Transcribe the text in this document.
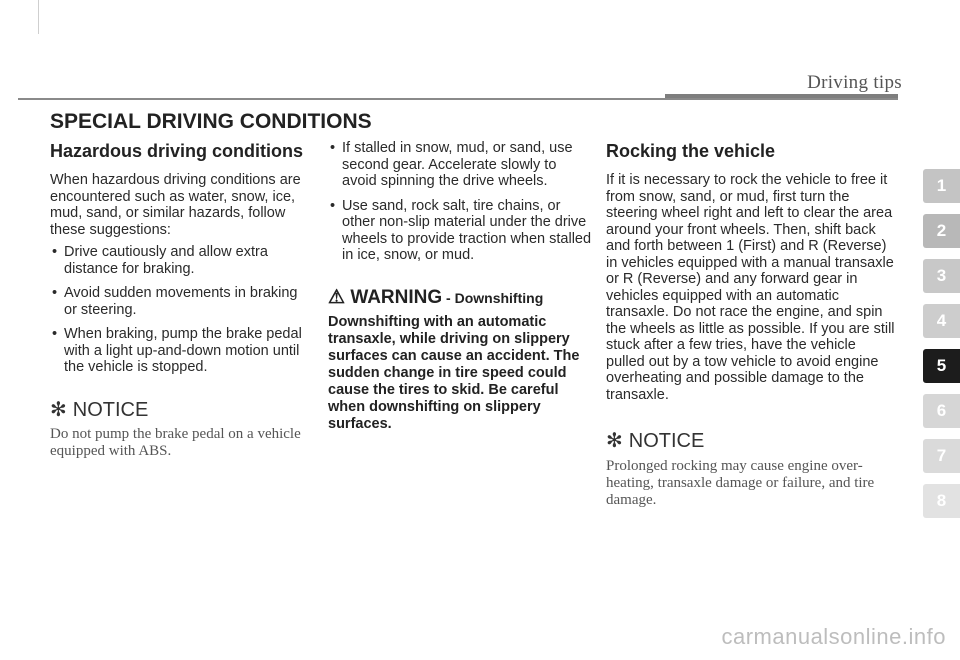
Driving tips
SPECIAL DRIVING CONDITIONS
Hazardous driving conditions

When hazardous driving conditions are encountered such as water, snow, ice, mud, sand, or similar hazards, follow these suggestions:

• Drive cautiously and allow extra distance for braking.
• Avoid sudden movements in braking or steering.
• When braking, pump the brake pedal with a light up-and-down motion until the vehicle is stopped.
✻ NOTICE
Do not pump the brake pedal on a vehicle equipped with ABS.
• If stalled in snow, mud, or sand, use second gear. Accelerate slowly to avoid spinning the drive wheels.
• Use sand, rock salt, tire chains, or other non-slip material under the drive wheels to provide traction when stalled in ice, snow, or mud.
⚠ WARNING - Downshifting
Downshifting with an automatic transaxle, while driving on slippery surfaces can cause an accident. The sudden change in tire speed could cause the tires to skid. Be careful when downshifting on slippery surfaces.
Rocking the vehicle

If it is necessary to rock the vehicle to free it from snow, sand, or mud, first turn the steering wheel right and left to clear the area around your front wheels. Then, shift back and forth between 1 (First) and R (Reverse) in vehicles equipped with a manual transaxle or R (Reverse) and any forward gear in vehicles equipped with an automatic transaxle. Do not race the engine, and spin the wheels as little as possible. If you are still stuck after a few tries, have the vehicle pulled out by a tow vehicle to avoid engine overheating and possible damage to the transaxle.

✻ NOTICE
Prolonged rocking may cause engine over-heating, transaxle damage or failure, and tire damage.
1
2
3
4
5
6
7
8
carmanualsonline.info
